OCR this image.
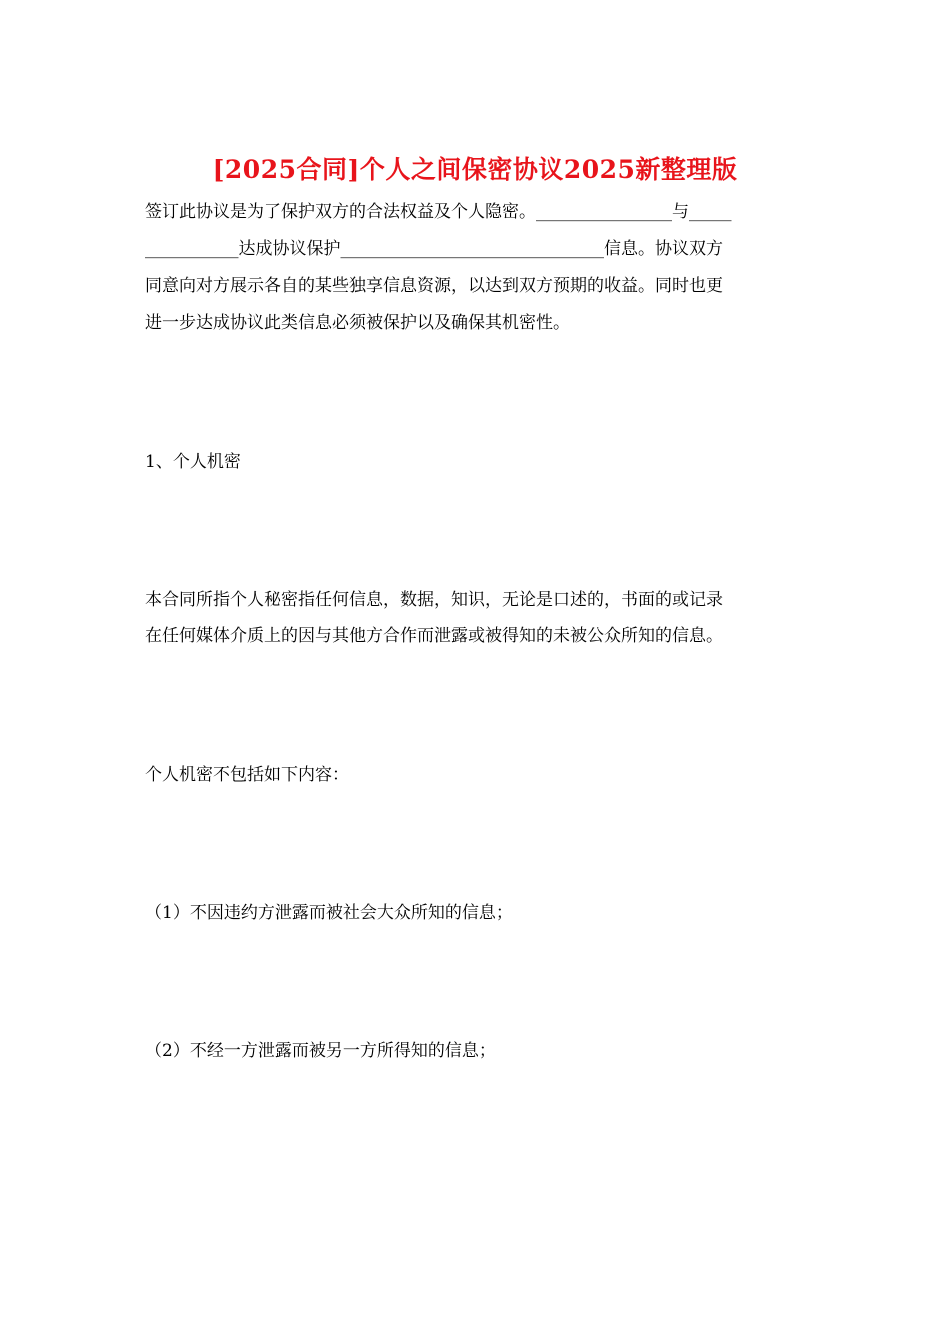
[2025合同]个人之间保密协议2025新整理版
签订此协议是为了保护双方的合法权益及个人隐密。________________与_____
___________达成协议保护_______________________________信息。协议双方
同意向对方展示各自的某些独享信息资源，以达到双方预期的收益。同时也更
进一步达成协议此类信息必须被保护以及确保其机密性。
1、个人机密
本合同所指个人秘密指任何信息，数据，知识，无论是口述的，书面的或记录
在任何媒体介质上的因与其他方合作而泄露或被得知的未被公众所知的信息。
个人机密不包括如下内容：
（1）不因违约方泄露而被社会大众所知的信息；
（2）不经一方泄露而被另一方所得知的信息；
